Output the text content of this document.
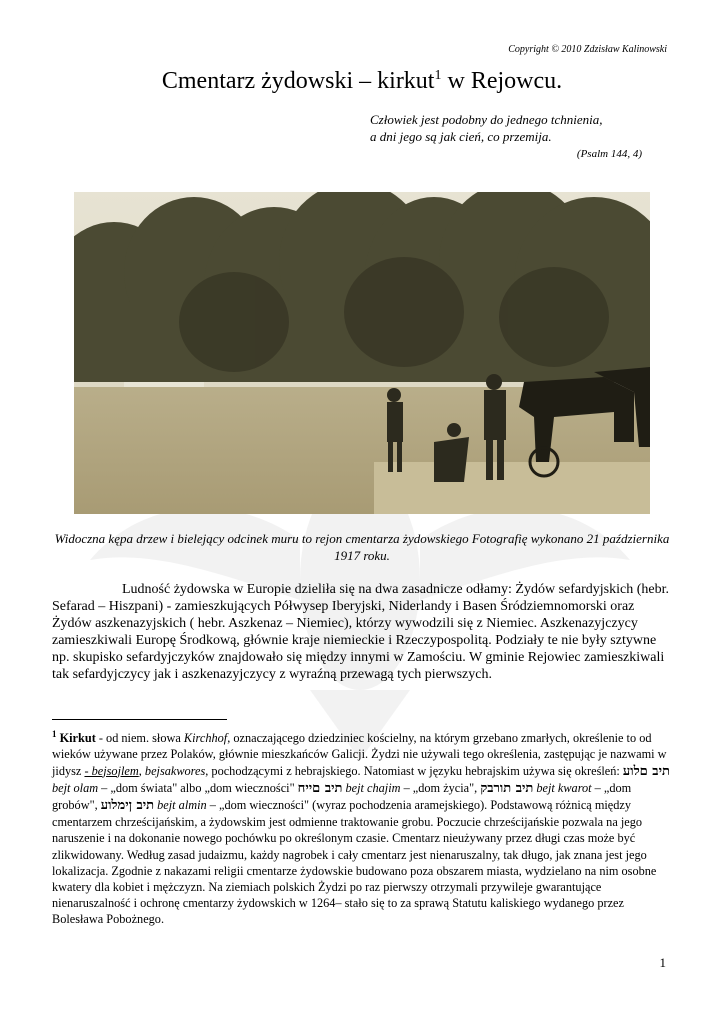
Copyright © 2010 Zdzisław Kalinowski
Cmentarz żydowski – kirkut$^1$ w Rejowcu.
Człowiek jest podobny do jednego tchnienia,
a dni jego są jak cień, co przemija.
(Psalm 144, 4)
Widoczna kępa drzew i bielejący odcinek muru to rejon cmentarza żydowskiego Fotografię wykonano 21 października 1917 roku.
Ludność żydowska w Europie dzieliła się na dwa zasadnicze odłamy: Żydów sefardyjskich (hebr. Sefarad – Hiszpani) - zamieszkujących Półwysep Iberyjski, Niderlandy i Basen Śródziemnomorski oraz Żydów aszkenazyjskich ( hebr. Aszkenaz – Niemiec), którzy wywodzili się z Niemiec. Aszkenazyjczycy zamieszkiwali Europę Środkową, głównie kraje niemieckie i Rzeczypospolitą. Podziały te nie były sztywne np. skupisko sefardyjczyków znajdowało się między innymi w Zamościu. W gminie Rejowiec zamieszkiwali tak sefardyjczycy jak i aszkenazyjczycy z wyraźną przewagą tych pierwszych.
$^1$ Kirkut - od niem. słowa Kirchhof, oznaczającego dziedziniec kościelny, na którym grzebano zmarłych, określenie to od wieków używane przez Polaków, głównie mieszkańców Galicji. Żydzi nie używali tego określenia, zastępując je nazwami w jidysz - bejsojlem, bejsakwores, pochodzącymi z hebrajskiego. Natomiast w języku hebrajskim używa się określeń: תיב םלוע bejt olam – „dom świata" albo „dom wieczności" תיב םייח bejt chajim – „dom życia", תיב תורבק bejt kwarot – „dom grobów", תיב ןימלוע bejt almin – „dom wieczności" (wyraz pochodzenia aramejskiego). Podstawową różnicą między cmentarzem chrześcijańskim, a żydowskim jest odmienne traktowanie grobu. Poczucie chrześcijańskie pozwala na jego naruszenie i na dokonanie nowego pochówku po określonym czasie. Cmentarz nieużywany przez długi czas może być zlikwidowany. Według zasad judaizmu, każdy nagrobek i cały cmentarz jest nienaruszalny, tak długo, jak znana jest jego lokalizacja. Zgodnie z nakazami religii cmentarze żydowskie budowano poza obszarem miasta, wydzielano na nim osobne kwatery dla kobiet i mężczyzn. Na ziemiach polskich Żydzi po raz pierwszy otrzymali przywileje gwarantujące nienaruszalność i ochronę cmentarzy żydowskich w 1264– stało się to za sprawą Statutu kaliskiego wydanego przez Bolesława Pobożnego.
1
